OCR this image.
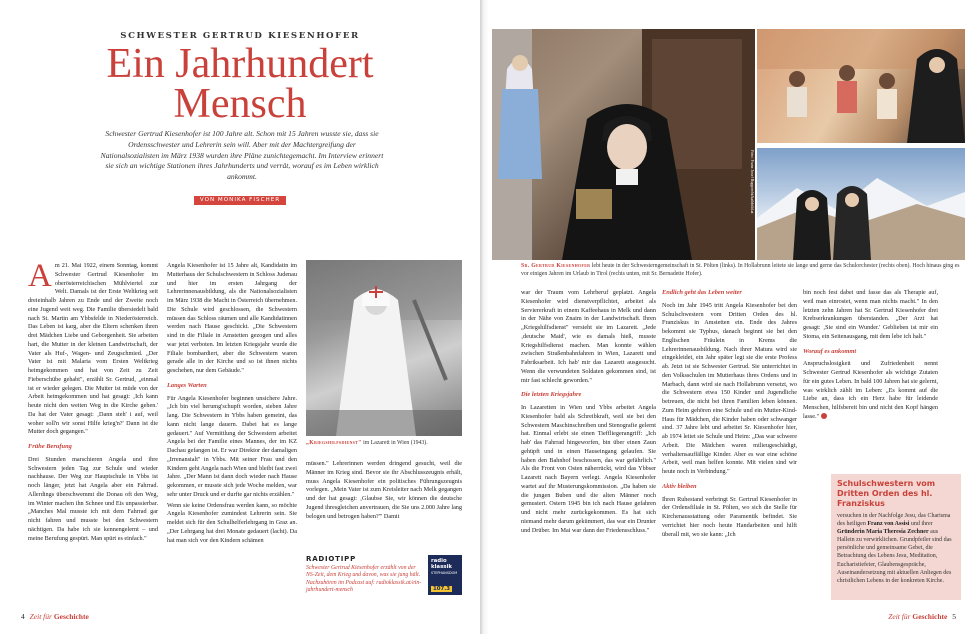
SCHWESTER GERTRUD KIESENHOFER
Ein Jahrhundert
Mensch
Schwester Gertrud Kiesenhofer ist 100 Jahre alt. Schon mit 15 Jahren wusste sie, dass sie Ordensschwester und Lehrerin sein will. Aber mit der Machtergreifung der Nationalsozialisten im März 1938 wurden ihre Pläne zunichtegemacht. Im Interview erinnert sie sich an wichtige Stationen ihres Jahrhunderts und verrät, worauf es im Leben wirklich ankommt.
VON MONIKA FISCHER

Am 21. Mai 1922, einem Sonntag, kommt Schwester Gertrud Kiesenhofer im oberösterreichischen Mühlviertel zur Welt. Damals ist der Erste Weltkrieg seit dreieinhalb Jahren zu Ende und der Zweite noch eine Jugend weit weg. Die Familie übersiedelt bald nach St. Martin am Ybbsfelde in Niederösterreich. Das Leben ist karg, aber die Eltern schenken ihren drei Mädchen Liebe und Geborgenheit. Sie arbeiten hart, die Mutter in der kleinen Landwirtschaft, der Vater als Huf-, Wagen- und Zeugschmied. „Der Vater ist mit Malaria vom Ersten Weltkrieg heimgekommen und hat von Zeit zu Zeit Fieberschübe gehabt", erzählt Sr. Gertrud, „einmal ist er wieder gelegen. Die Mutter ist müde von der Arbeit heimgekommen und hat gesagt: ‚Ich kann heute nicht den weiten Weg in die Kirche gehen.' Da hat der Vater gesagt: ‚Dann steh' i auf, weil woher soll'n wir sonst Hilfe krieg'n?' Dann ist die Mutter doch gegangen."

Frühe Berufung

Drei Stunden marschieren Angela und ihre Schwestern jeden Tag zur Schule und wieder nachhause. Der Weg zur Hauptschule in Ybbs ist noch länger, jetzt hat Angela aber ein Fahrrad. Allerdings überschwemmt die Donau oft den Weg, im Winter machen ihn Schnee und Eis unpassierbar. „Manches Mal musste ich mit dem Fahrrad gar nicht fahren und musste bei den Schwestern nächtigen. Da habe ich sie kennengelernt – und meine Berufung gespürt. Man spürt es einfach."

Angela Kiesenhofer ist 15 Jahre alt, Kandidatin im Mutterhaus der Schulschwestern in Schloss Judenau und hier im ersten Jahrgang der Lehrerinnenausbildung, als die Nationalsozialisten im März 1938 die Macht in Österreich übernehmen. Die Schule wird geschlossen, die Schwestern müssen das Schloss räumen und alle Kandidatinnen werden nach Hause geschickt. „Die Schwestern sind in die Filiale in Amstetten gezogen und alles war jetzt verboten. Im letzten Kriegsjahr wurde die Filiale bombardiert, aber die Schwestern waren gerade alle in der Kirche und so ist ihnen nichts geschehen, nur dem Gebäude."

Langes Warten

Für Angela Kiesenhofer beginnen unsichere Jahre. „Ich bin viel herumg'schupft worden, sieben Jahre lang. Die Schwestern in Ybbs haben gemeint, das kann nicht lange dauern. Dabei hat es lange gedauert." Auf Vermittlung der Schwestern arbeitet Angela bei der Familie eines Mannes, der im KZ Dachau gefangen ist. Er war Direktor der damaligen „Irrenanstalt" in Ybbs. Mit seiner Frau und den Kindern geht Angela nach Wien und bleibt fast zwei Jahre. „Der Mann ist dann doch wieder nach Hause gekommen, er musste sich jede Woche melden, war sehr unter Druck und er durfte gar nichts erzählen."

Wenn sie keine Ordensfrau werden kann, so möchte Angela Kiesenhofer zumindest Lehrerin sein. Sie meldet sich für den Schulhelferlehrgang in Graz an. „Der Lehrgang hat drei Monate gedauert (lacht). Da hat man sich vor den Kindern schämen

„Kriegshilfsdienst" im Lazarett in Wien (1943).

müssen." Lehrerinnen werden dringend gesucht, weil die Männer im Krieg sind. Bevor sie ihr Abschlusszeugnis erhält, muss Angela Kiesenhofer ein politisches Führungszeugnis vorlegen. „Mein Vater ist zum Kreisleiter nach Melk gegangen und der hat gesagt: ‚Glaubse Sie, wir können die deutsche Jugend ihresgleichen anvertrauen, die Sie uns 2.000 Jahre lang belogen und betrogen haben?'" Damit

RADIOTIPP
Schwester Gertrud Kiesenhofer erzählt von der NS-Zeit, dem Krieg und davon, was sie jung hält. Nachzuhören im Podcast auf: radioklassik.at/ein-jahrhundert-mensch
radio
klassik
STEPHANSDOM
107.3
4 Zeit für Geschichte
Foto: Franz Josef Rupprecht/kathbild.at
Sr. Gertrud Kiesenhofer lebt heute in der Schwesterngemeinschaft in St. Pölten (links). In Hollabrunn leitete sie lange und gerne das Schulorchester (rechts oben). Hoch hinaus ging es vor einigen Jahren im Urlaub in Tirol (rechts unten, mit Sr. Bernadette Hofer).

war der Traum vom Lehrberuf geplatzt. Angela Kiesenhofer wird dienstverpflichtet, arbeitet als Serviererkraft in einem Kaffeehaus in Melk und dann in der Nähe von Znaim in der Landwirtschaft. Ihren „Kriegshilfsdienst" versieht sie im Lazarett. „Jede ‚deutsche Maid', wie es damals hieß, musste Kriegshilfsdienst machen. Man konnte wählen zwischen Straßenbahnfahren in Wien, Lazarett und Fabriksarbeit. Ich hab' mir das Lazarett ausgesucht. Wenn die verwundeten Soldaten gekommen sind, ist mir fast schlecht geworden."

Die letzten Kriegsjahre

In Lazaretten in Wien und Ybbs arbeitet Angela Kiesenhofer bald als Schreibkraft, weil sie bei den Schwestern Maschinschreiben und Stenografie gelernt hat. Einmal erlebt sie einen Tieffliegerangriff: „Ich hab' das Fahrrad hingeworfen, bin über einen Zaun gehüpft und in einen Hauseingang gelaufen. Sie haben den Bahnhof beschossen, das war gefährlich." Als die Front von Osten näherrückt, wird das Ybbser Lazarett nach Bayern verlegt. Angela Kiesenhofer wartet auf ihr Musterungskommission. „Da haben sie die jungen Buben und die alten Männer noch gemustert. Ostern 1945 bin ich nach Hause gefahren und nicht mehr zurückgekommen. Es hat sich niemand mehr darum gekümmert, das war ein Drunter und Drüber. Im Mai war dann der Friedensschluss."

Endlich geht das Leben weiter

Noch im Jahr 1945 tritt Angela Kiesenhofer bei den Schulschwestern vom Dritten Orden des hl. Franziskus in Amstetten ein. Ende des Jahres bekommt sie Typhus, danach beginnt sie bei den Englischen Fräulein in Krems die Lehrerinnenausbildung. Nach ihrer Matura wird sie eingekleidet, ein Jahr später legt sie die erste Profess ab. Jetzt ist sie Schwester Gertrud. Sie unterrichtet in den Volksschulen im Mutterhaus ihres Ordens und in Marbach, dann wird sie nach Hollabrunn versetzt, wo die Schwestern etwa 150 Kinder und Jugendliche betreuen, die nicht bei ihren Familien leben können. Zum Heim gehören eine Schule und ein Mutter-Kind-Haus für Mädchen, die Kinder haben oder schwanger sind. 37 Jahre lebt und arbeitet Sr. Kiesenhofer hier, ab 1974 leitet sie Schule und Heim: „Das war schwere Arbeit. Die Mädchen waren milieugeschädigt, verhaltensauffällige Kinder. Aber es war eine schöne Arbeit, weil man helfen konnte. Mit vielen sind wir heute noch in Verbindung."

Aktiv bleiben

Ihren Ruhestand verbringt Sr. Gertrud Kiesenhofer in der Ordensfiliale in St. Pölten, wo sich die Stelle für Kirchenausstattung oder Paramentik befindet. Sie verrichtet hier noch heute Handarbeiten und hilft überall mit, wo sie kann: „Ich

bin noch fest dabei und fasse das als Therapie auf, weil man einrostet, wenn man nichts macht." In den letzten zehn Jahren hat Sr. Gertrud Kiesenhofer drei Krebserkrankungen überstanden. „Der Arzt hat gesagt: ‚Sie sind ein Wunder.' Geblieben ist mir ein Stoma, ein Seitenausgang, mit dem lebe ich halt."

Worauf es ankommt

Anspruchslosigkeit und Zufriedenheit nennt Schwester Gertrud Kiesenhofer als wichtige Zutaten für ein gutes Leben. In bald 100 Jahren hat sie gelernt, was wirklich zählt im Leben: „Es kommt auf die Liebe an, dass ich ein Herz habe für leidende Menschen, hilfsbereit bin und nicht den Kopf hängen lasse."

Schulschwestern vom Dritten Orden des hl. Franziskus
versuchen in der Nachfolge Jesu, das Charisma des heiligen Franz von Assisi und ihrer Gründerin Maria Theresia Zechner aus Hallein zu verwirklichen. Grundpfeiler sind das persönliche und gemeinsame Gebet, die Betrachtung des Lebens Jesu, Meditation, Eucharistiefeier, Glaubensgespräche, Auseinandersetzung mit aktuellen Anliegen des christlichen Lebens in der konkreten Kirche.
Zeit für Geschichte 5
